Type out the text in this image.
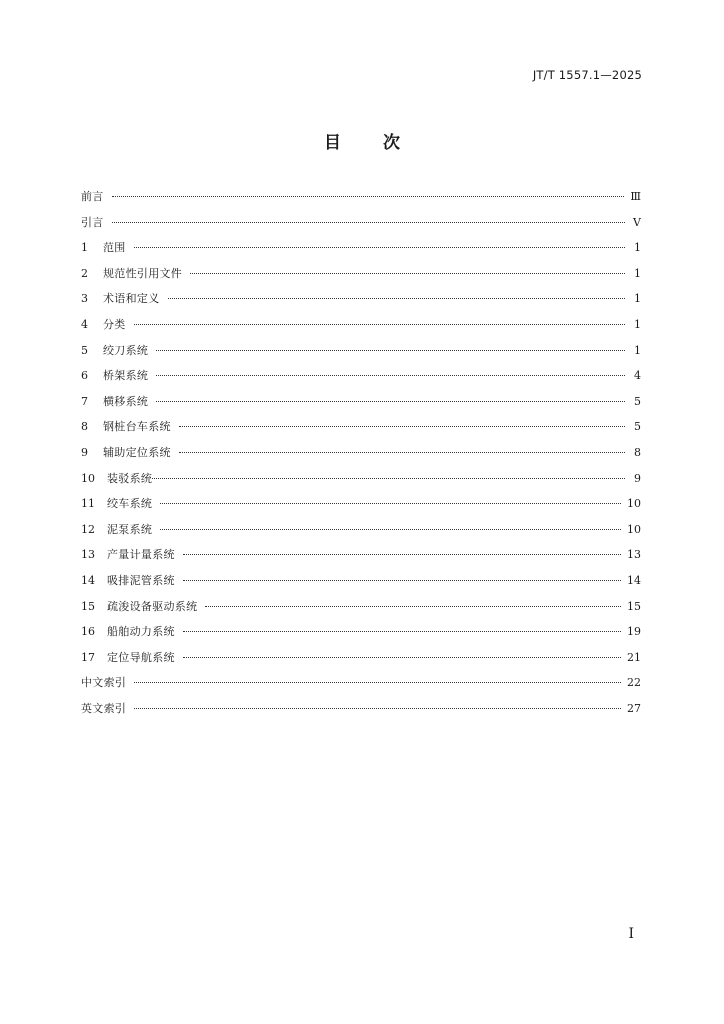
JT/T 1557.1—2025
目 次
前言	Ⅲ
引言	Ⅴ
1	范围	1
2	规范性引用文件	1
3	术语和定义	1
4	分类	1
5	绞刀系统	1
6	桥架系统	4
7	横移系统	5
8	钢桩台车系统	5
9	辅助定位系统	8
10	装驳系统	9
11	绞车系统	10
12	泥泵系统	10
13	产量计量系统	13
14	吸排泥管系统	14
15	疏浚设备驱动系统	15
16	船舶动力系统	19
17	定位导航系统	21
中文索引	22
英文索引	27
Ⅰ
